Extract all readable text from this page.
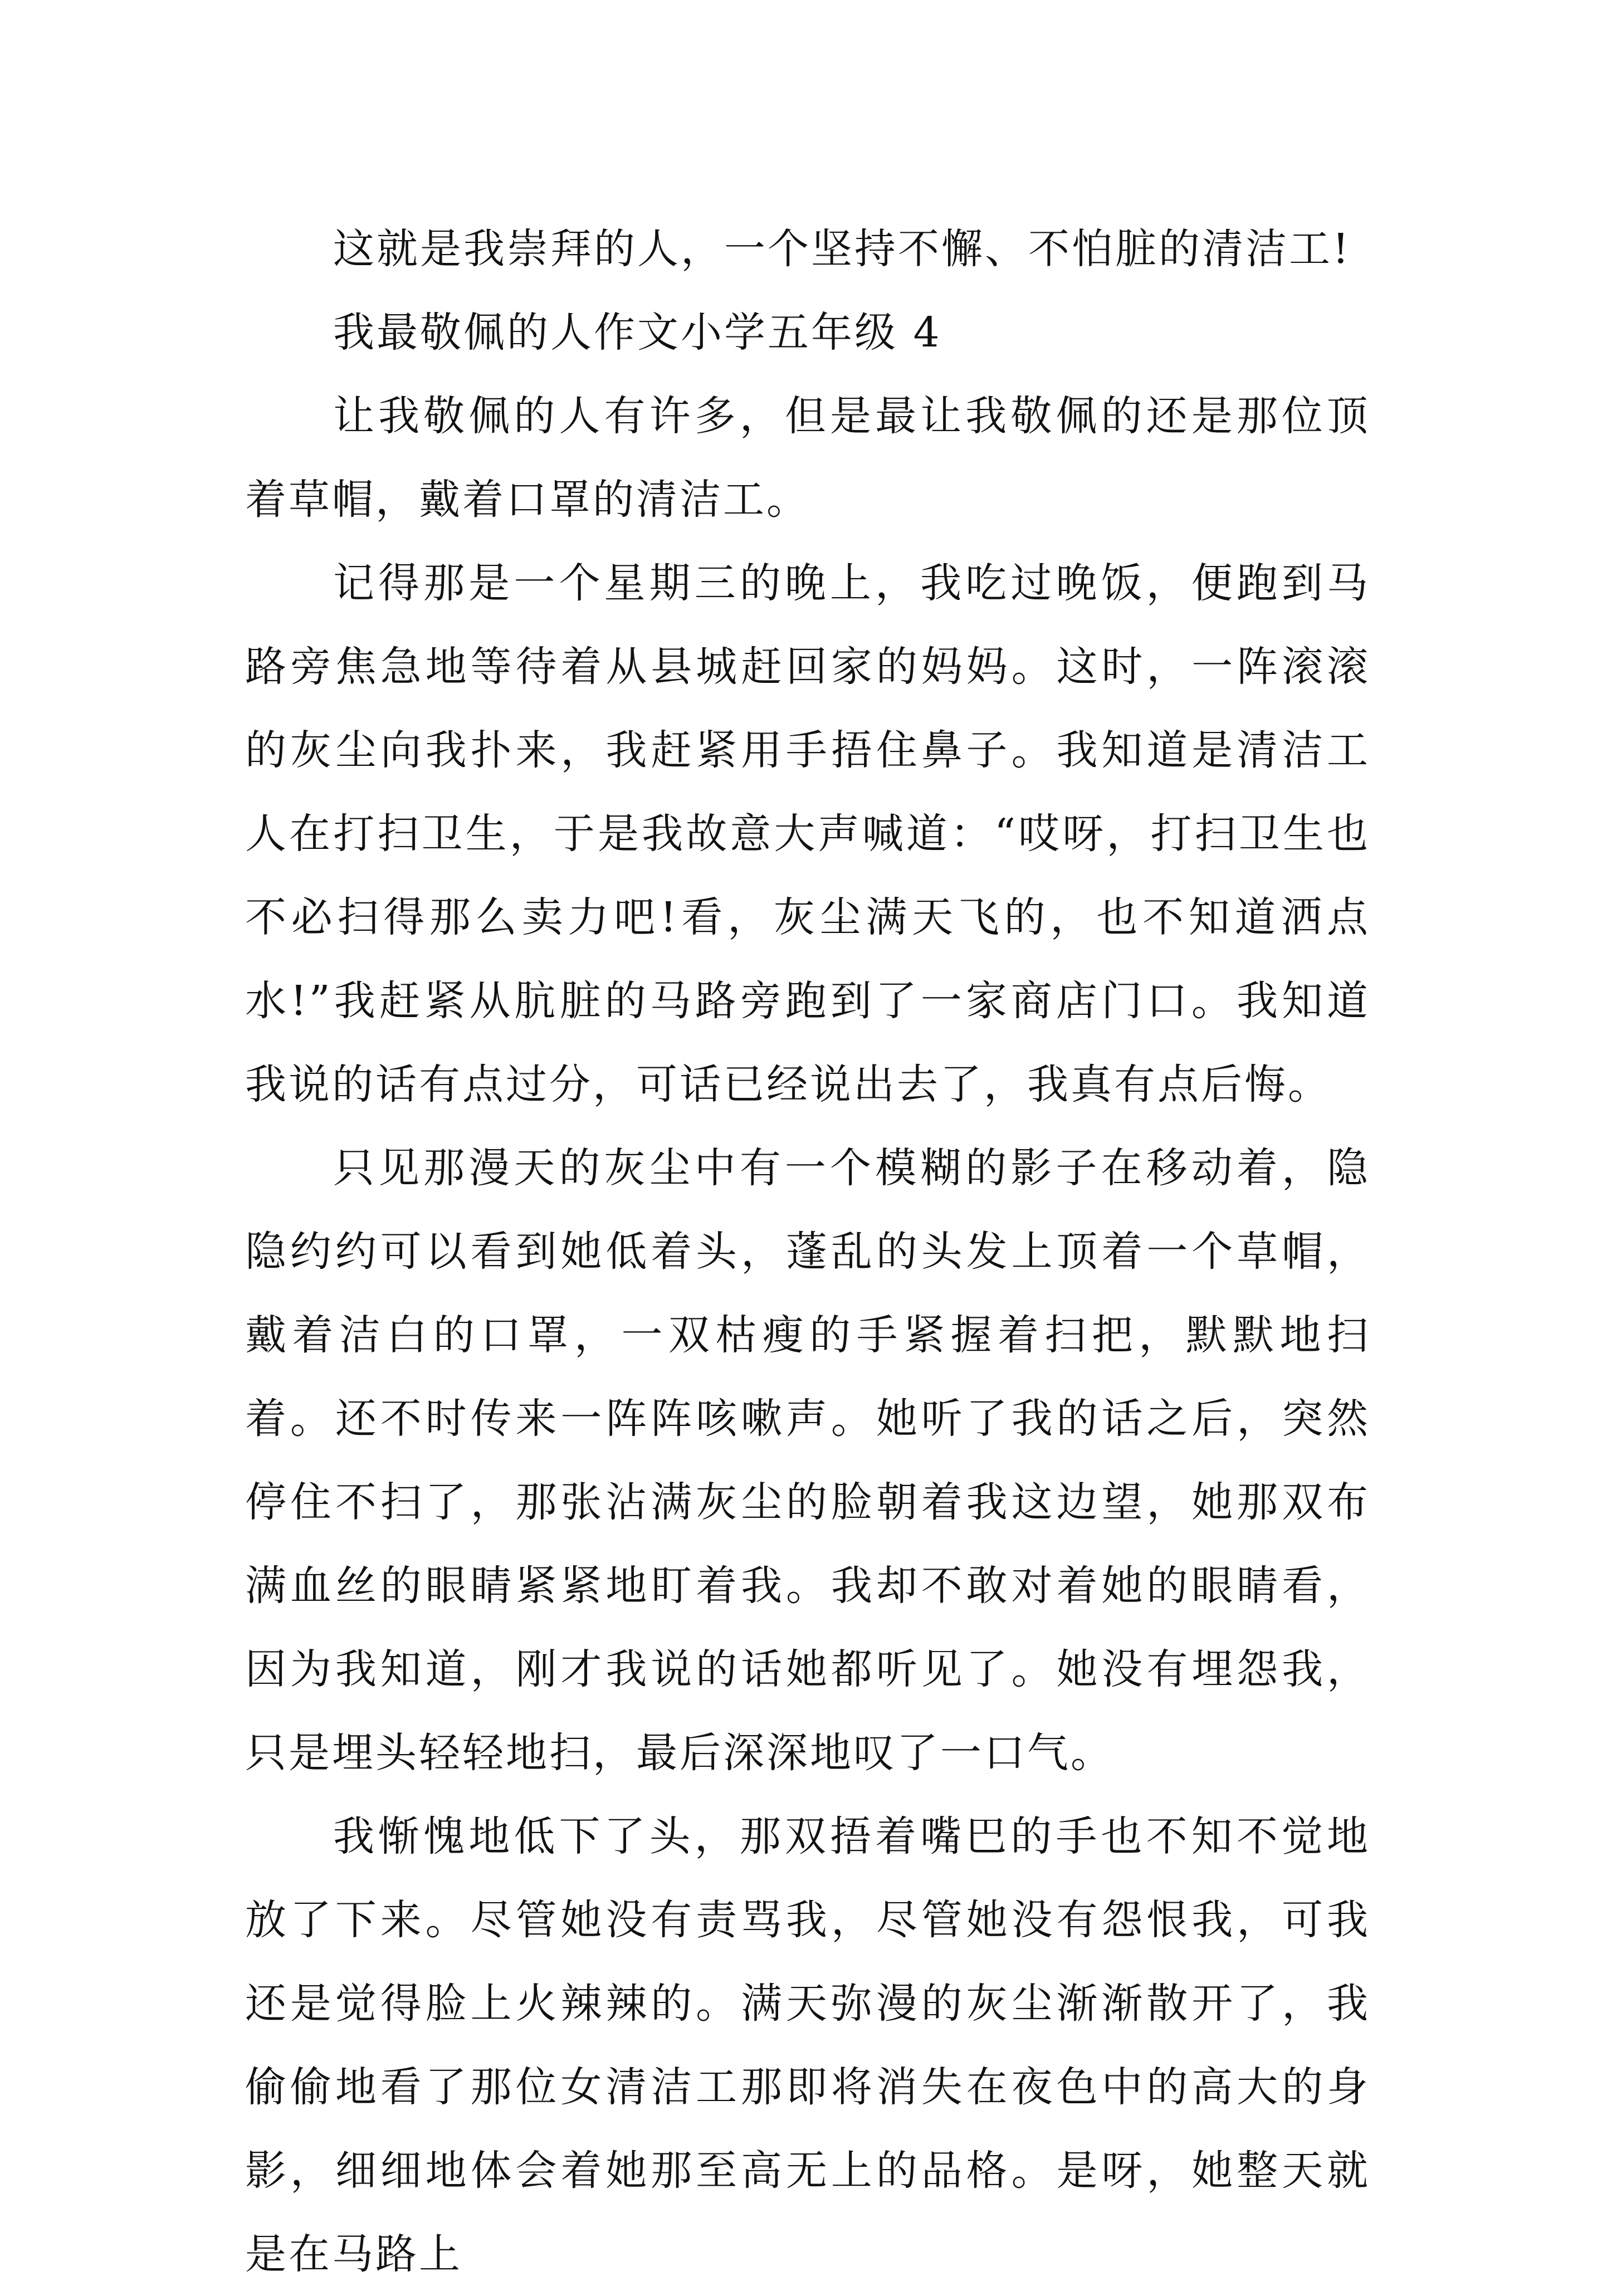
这就是我崇拜的人，一个坚持不懈、不怕脏的清洁工!

我最敬佩的人作文小学五年级 4

让我敬佩的人有许多，但是最让我敬佩的还是那位顶着草帽，戴着口罩的清洁工。

记得那是一个星期三的晚上，我吃过晚饭，便跑到马路旁焦急地等待着从县城赶回家的妈妈。这时，一阵滚滚的灰尘向我扑来，我赶紧用手捂住鼻子。我知道是清洁工人在打扫卫生，于是我故意大声喊道：“哎呀，打扫卫生也不必扫得那么卖力吧!看，灰尘满天飞的，也不知道洒点水!”我赶紧从肮脏的马路旁跑到了一家商店门口。我知道我说的话有点过分，可话已经说出去了，我真有点后悔。

只见那漫天的灰尘中有一个模糊的影子在移动着，隐隐约约可以看到她低着头，蓬乱的头发上顶着一个草帽，戴着洁白的口罩，一双枯瘦的手紧握着扫把，默默地扫着。还不时传来一阵阵咳嗽声。她听了我的话之后，突然停住不扫了，那张沾满灰尘的脸朝着我这边望，她那双布满血丝的眼睛紧紧地盯着我。我却不敢对着她的眼睛看，因为我知道，刚才我说的话她都听见了。她没有埋怨我，只是埋头轻轻地扫，最后深深地叹了一口气。

我惭愧地低下了头，那双捂着嘴巴的手也不知不觉地放了下来。尽管她没有责骂我，尽管她没有怨恨我，可我还是觉得脸上火辣辣的。满天弥漫的灰尘渐渐散开了，我偷偷地看了那位女清洁工那即将消失在夜色中的高大的身影，细细地体会着她那至高无上的品格。是呀，她整天就是在马路上
